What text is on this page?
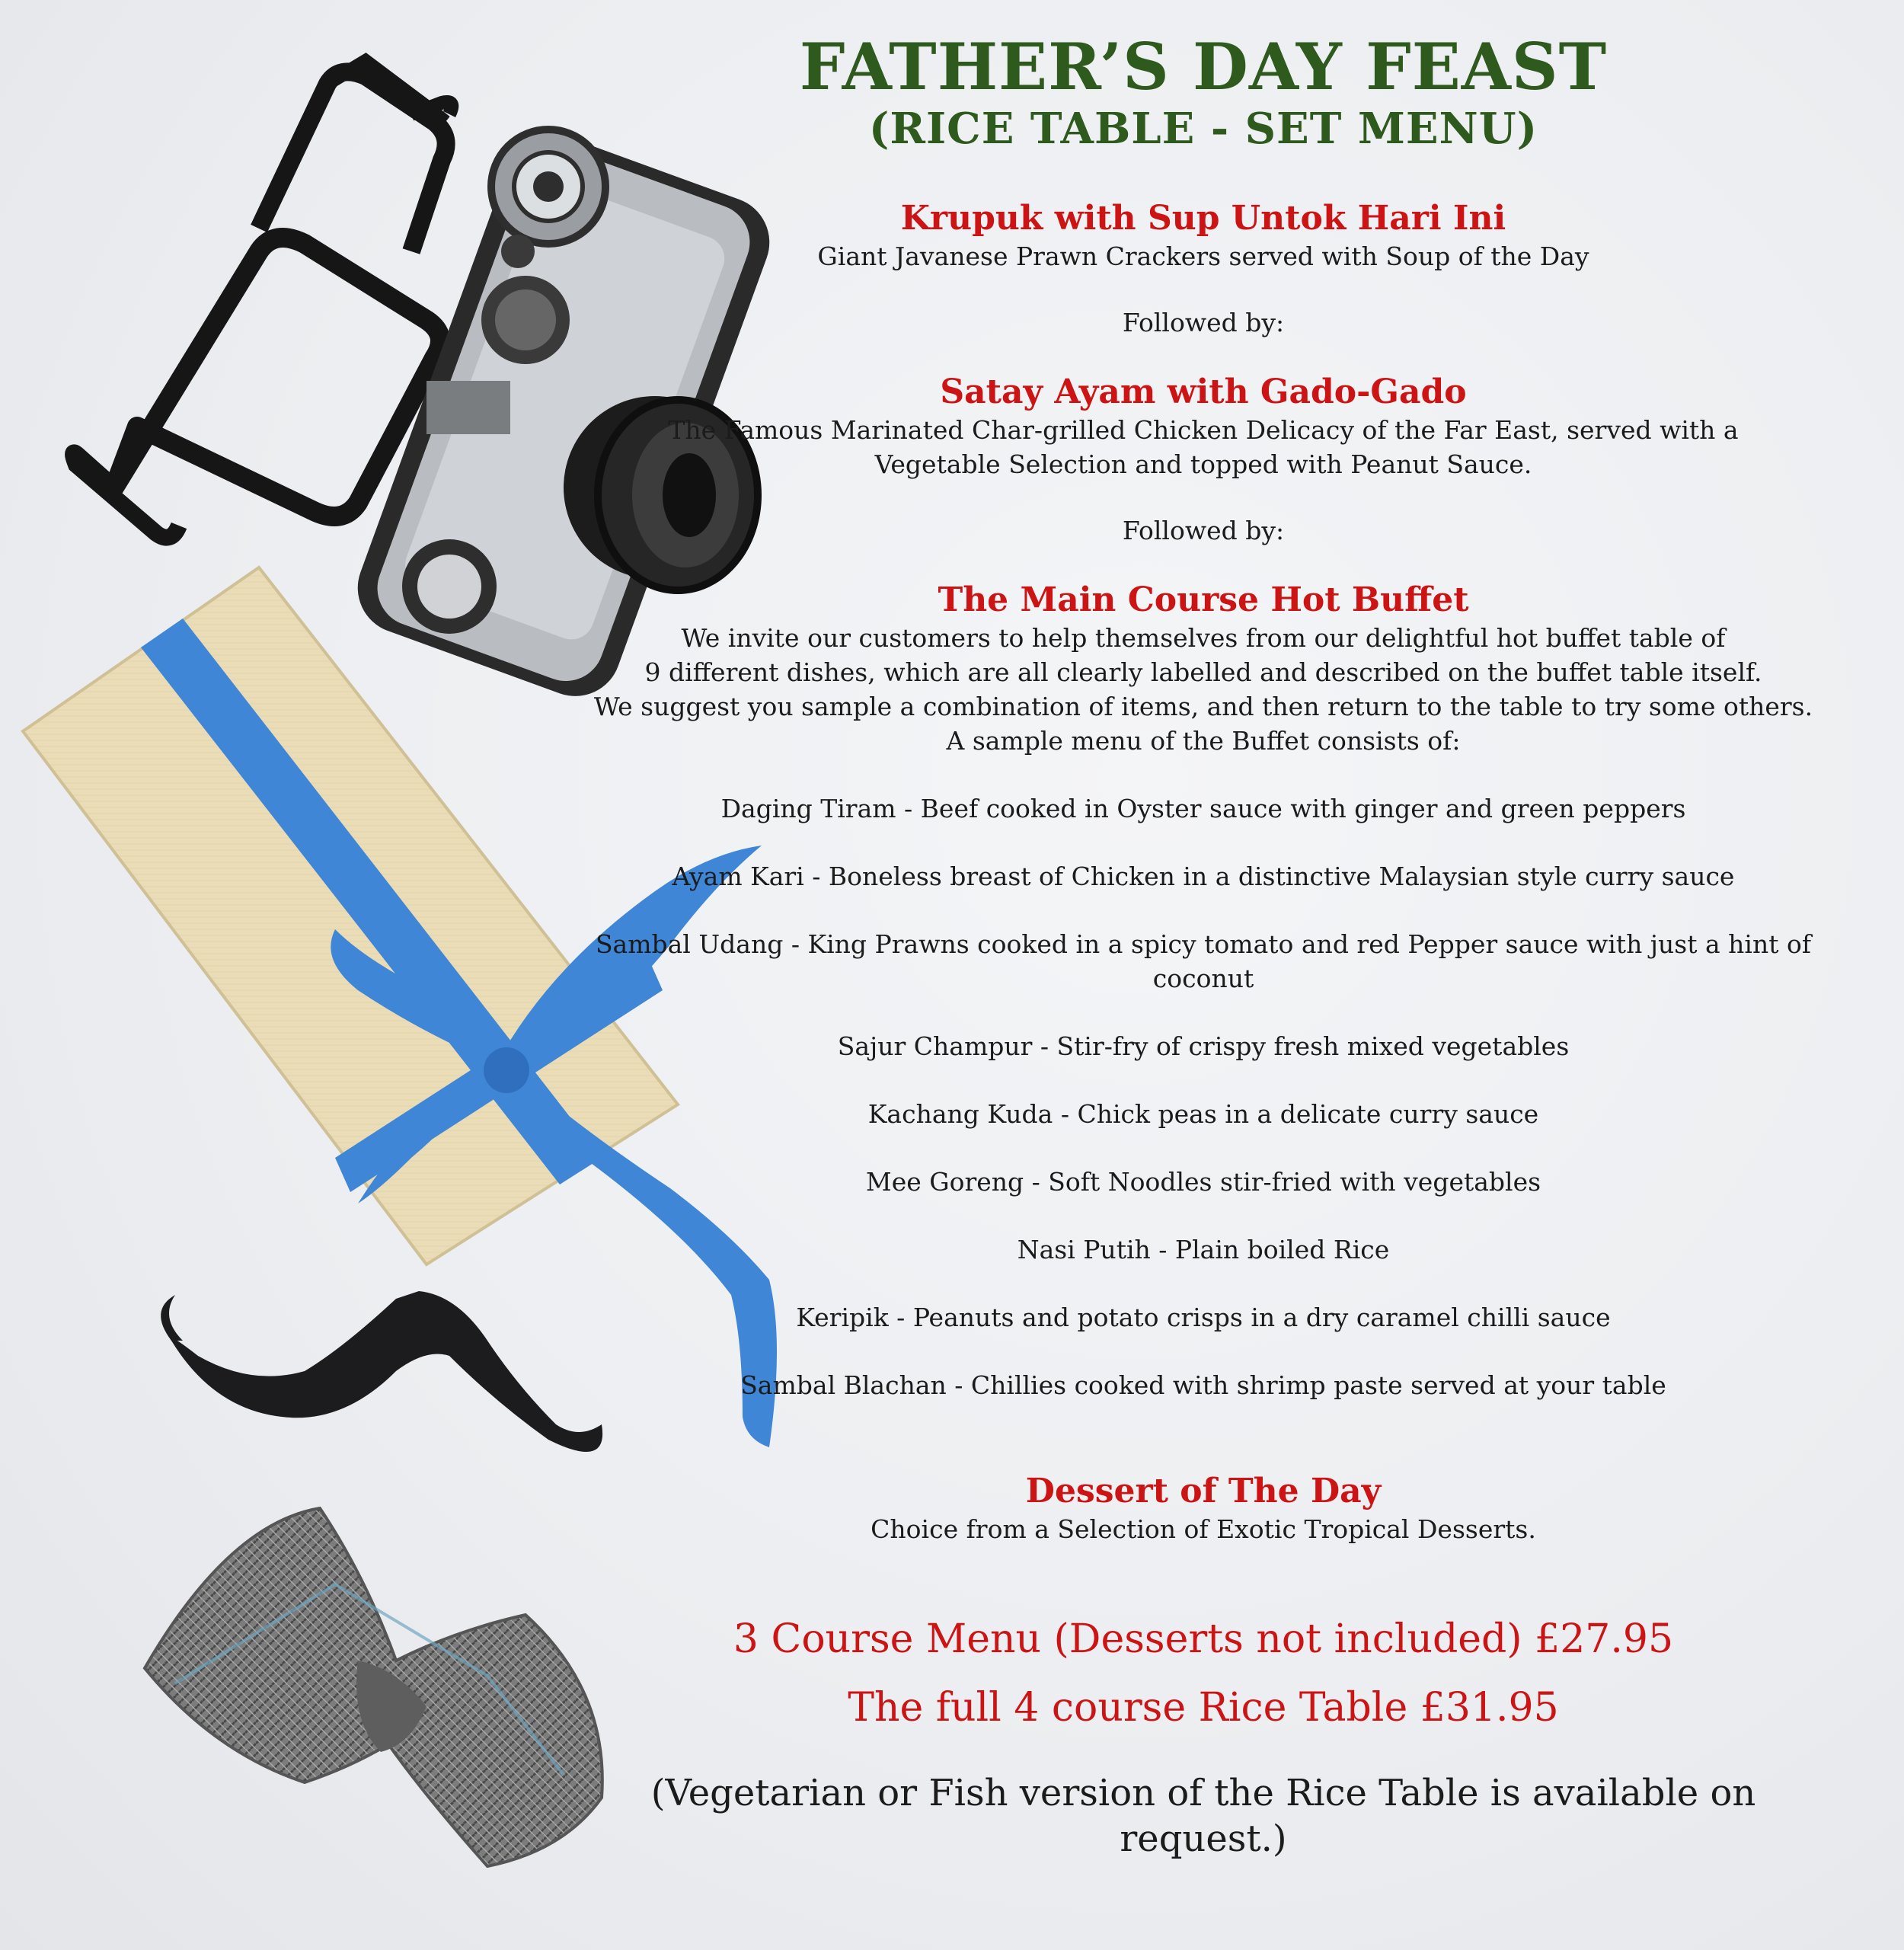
FATHER’S DAY FEAST
(RICE TABLE - SET MENU)
Krupuk with Sup Untok Hari Ini

Giant Javanese Prawn Crackers served with Soup of the Day

Followed by:

Satay Ayam with Gado-Gado

The Famous Marinated Char-grilled Chicken Delicacy of the Far East, served with a

Vegetable Selection and topped with Peanut Sauce.

Followed by:

The Main Course Hot Buffet

We invite our customers to help themselves from our delightful hot buffet table of

9 different dishes, which are all clearly labelled and described on the buffet table itself.

We suggest you sample a combination of items, and then return to the table to try some others.

A sample menu of the Buffet consists of:

Daging Tiram - Beef cooked in Oyster sauce with ginger and green peppers
Ayam Kari - Boneless breast of Chicken in a distinctive Malaysian style curry sauce
Sambal Udang - King Prawns cooked in a spicy tomato and red Pepper sauce with just a hint of coconut
Sajur Champur - Stir-fry of crispy fresh mixed vegetables
Kachang Kuda - Chick peas in a delicate curry sauce
Mee Goreng - Soft Noodles stir-fried with vegetables
Nasi Putih - Plain boiled Rice
Keripik - Peanuts and potato crisps in a dry caramel chilli sauce
Sambal Blachan - Chillies cooked with shrimp paste served at your table
Dessert of The Day

Choice from a Selection of Exotic Tropical Desserts.

3 Course Menu (Desserts not included) £27.95

The full 4 course Rice Table £31.95

(Vegetarian or Fish version of the Rice Table is available on request.)
